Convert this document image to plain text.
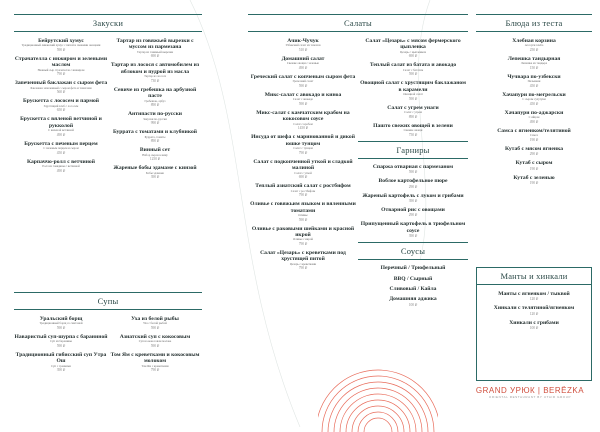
Закуски
Бейрутский хумус
Традиционный ливанский хумус с питой и свежими овощами
590 ₽
Страчателла с инжиром и зелеными маслом
Нежный сыр страчателла с инжиром
790 ₽
Запеченный баклажан с сыром фета
Баклажан запеченный с сыром фета и томатами
560 ₽
Брускетта с лососем и пармой
Хрустящий хлеб с лососем
650 ₽
Брускетта с вяленой ветчиной и рукколой
С вяленой ветчиной
490 ₽
Брускетта с печеным перцем
С печеным перцем и сыром
450 ₽
Карпаччо-ролл с ветчиной
Ролл из говядины с ветчиной
490 ₽
Тартар из говяжьей вырезки с муссом из пармезана
Тартар из говяжьей вырезки
690 ₽
Тартар из лосося с автомобилем из яблоком и пудрой из масла
Тартар из лосося
730 ₽
Севиче из гребешка на арбузной пасте
Гребешок, арбуз
890 ₽
Антипасти по-русски
Закуски по-русски
990 ₽
Буррата с томатами и клубникой
Буррата, томаты
890 ₽
Винный сет
Набор сыров к вину
1250 ₽
Жареные бобы эдамаме с кинзой
Бобы эдамаме
390 ₽
Супы
Уральский борщ
Традиционный борщ со сметаной
590 ₽
Наваристый суп-шурпа с бараниной
Суп из баранины
590 ₽
Традиционный гибисский суп Утра Ош
Суп с гренками
390 ₽
Уха из белой рыбы
Уха с белой рыбой
590 ₽
Азиатский суп с кокосовым
Суп на кокосовом молоке
590 ₽
Том Ям с креветками и кокосовым молоком
Том Ям с креветками
790 ₽
Салаты
Ачик-Чучук
Узбекский салат из томатов
510 ₽
Домашний салат
Свежие овощи с зеленью
490 ₽
Греческий салат с копченым сыром фета
Греческий салат
590 ₽
Микс-салат с авокадо и киноа
Салат с авокадо
590 ₽
Микс-салат с камчатским крабом на кокосовом соусе
Салат с крабом
1450 ₽
Инсуда от шефа с маринованной и дикой юшке тунцом
Салат с тунцом
790 ₽
Салат с подкопченной уткой и сладкой малиной
Салат с уткой
690 ₽
Теплый азиатский салат с ростбифом
Салат с ростбифом
790 ₽
Оливье с говяжьим языком и вяленными томатами
Оливье
590 ₽
Оливье с раковыми шейками и красной икрой
Оливье с икрой
790 ₽
Салат «Цезарь» с креветками под хрустящей питой
Цезарь с креветками
790 ₽
Салат «Цезарь» с мясом фермерского цыпленка
Цезарь с цыпленком
690 ₽
Теплый салат из батата и авокадо
Салат с бататом
590 ₽
Овощной салат с хрустящим баклажаном в карамели
Овощной салат
590 ₽
Салат с угрем унаги
Салат с угрем
890 ₽
Пашто свежих овощей в зелени
Свежие овощи
750 ₽
Гарниры
Спаржа отварная с пармезаном
590 ₽
Воблое картофельное пюре
290 ₽
Жареный картофель с луком и грибами
390 ₽
Отварной рис с овощами
290 ₽
Припущенный картофель в трюфельном соусе
390 ₽
Соусы
Перечный / Трюфельный
BBQ / Сырный
Сливовый / Кайла
Домашняя аджика
100 ₽
Блюда из теста
Хлебная корзина
Ассорти хлеба
250 ₽
Лепешка тандырная
Лепешка из тандыра
150 ₽
Чучвара по-узбекски
Пельмени
450 ₽
Хачапури по-мегрельски
С сыром сулугуни
450 ₽
Хачапури по-аджарски
С яйцом
490 ₽
Самса с ягненком/телятиной
Самса
190 ₽
Кутаб с мясом ягненка
290 ₽
Кутаб с сыром
190 ₽
Кутаб с зеленью
190 ₽
Манты и хинкали
Манты с ягненком / тыквой
120 ₽
Хинкали с телятиной/ягненком
120 ₽
Хинкали с грибами
100 ₽
GRAND УРЮК | BERËZKA
ORIENTAL RESTAURANT BY UTAIR GROUP
